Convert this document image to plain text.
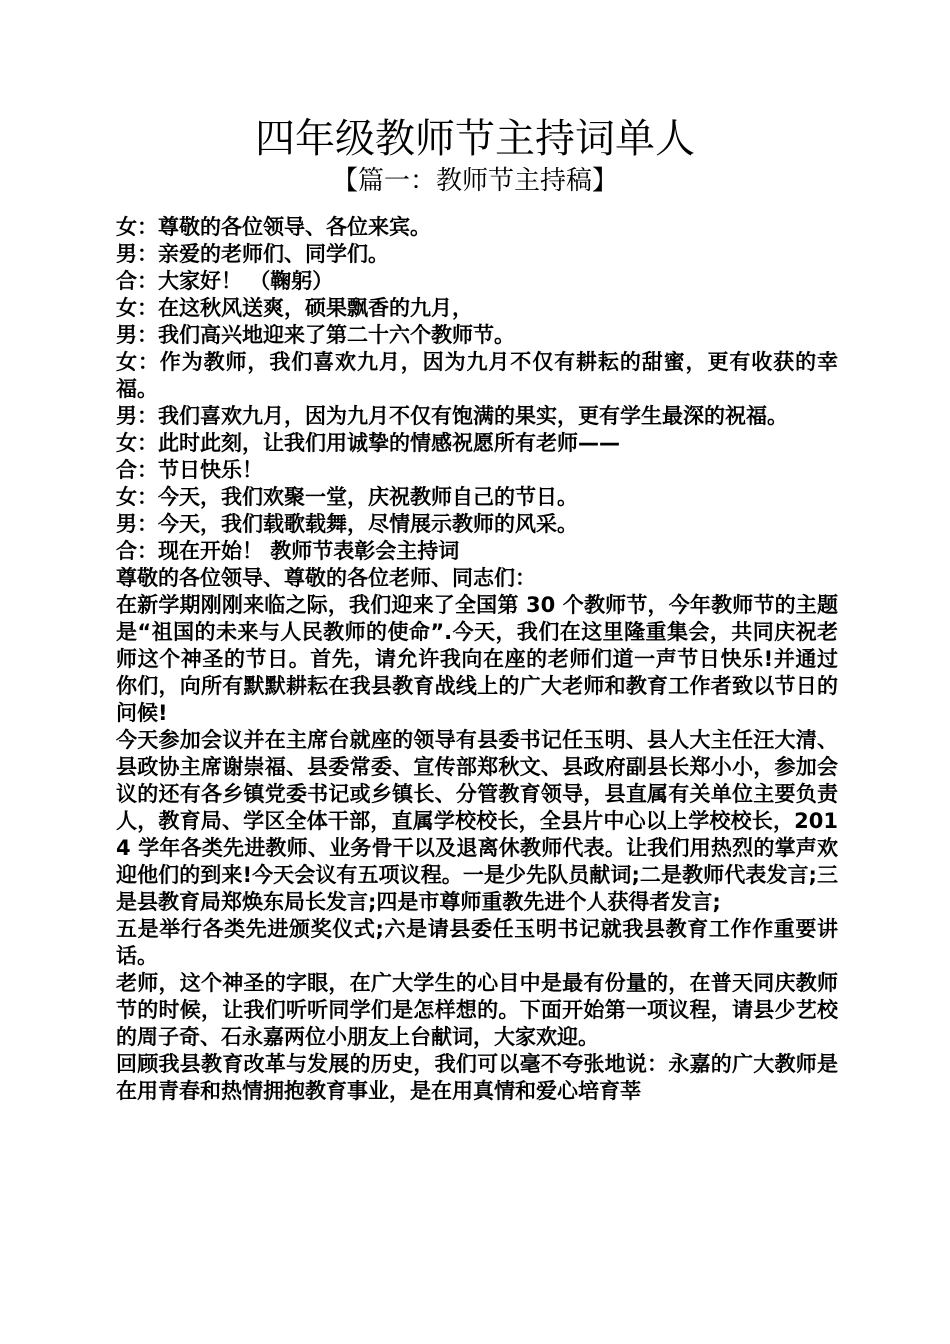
四年级教师节主持词单人
【篇一：教师节主持稿】

女：尊敬的各位领导、各位来宾。

男：亲爱的老师们、同学们。

合：大家好！ （鞠躬）

女：在这秋风送爽，硕果飘香的九月，

男：我们高兴地迎来了第二十六个教师节。

女：作为教师，我们喜欢九月，因为九月不仅有耕耘的甜蜜，更有收获的幸福。

男：我们喜欢九月，因为九月不仅有饱满的果实，更有学生最深的祝福。

女：此时此刻，让我们用诚挚的情感祝愿所有老师——

合：节日快乐！

女：今天，我们欢聚一堂，庆祝教师自己的节日。

男：今天，我们载歌载舞，尽情展示教师的风采。

合：现在开始！ 教师节表彰会主持词

尊敬的各位领导、尊敬的各位老师、同志们：

在新学期刚刚来临之际，我们迎来了全国第 30 个教师节，今年教师节的主题是“祖国的未来与人民教师的使命”.今天，我们在这里隆重集会，共同庆祝老师这个神圣的节日。首先，请允许我向在座的老师们道一声节日快乐!并通过你们，向所有默默耕耘在我县教育战线上的广大老师和教育工作者致以节日的问候!

今天参加会议并在主席台就座的领导有县委书记任玉明、县人大主任汪大清、县政协主席谢崇福、县委常委、宣传部郑秋文、县政府副县长郑小小，参加会议的还有各乡镇党委书记或乡镇长、分管教育领导，县直属有关单位主要负责人，教育局、学区全体干部，直属学校校长，全县片中心以上学校校长，2014 学年各类先进教师、业务骨干以及退离休教师代表。让我们用热烈的掌声欢迎他们的到来!今天会议有五项议程。一是少先队员献词;二是教师代表发言;三是县教育局郑焕东局长发言;四是市尊师重教先进个人获得者发言;

五是举行各类先进颁奖仪式;六是请县委任玉明书记就我县教育工作作重要讲话。

老师，这个神圣的字眼，在广大学生的心目中是最有份量的，在普天同庆教师节的时候，让我们听听同学们是怎样想的。下面开始第一项议程，请县少艺校的周子奇、石永嘉两位小朋友上台献词，大家欢迎。

回顾我县教育改革与发展的历史，我们可以毫不夸张地说：永嘉的广大教师是在用青春和热情拥抱教育事业，是在用真情和爱心培育莘
